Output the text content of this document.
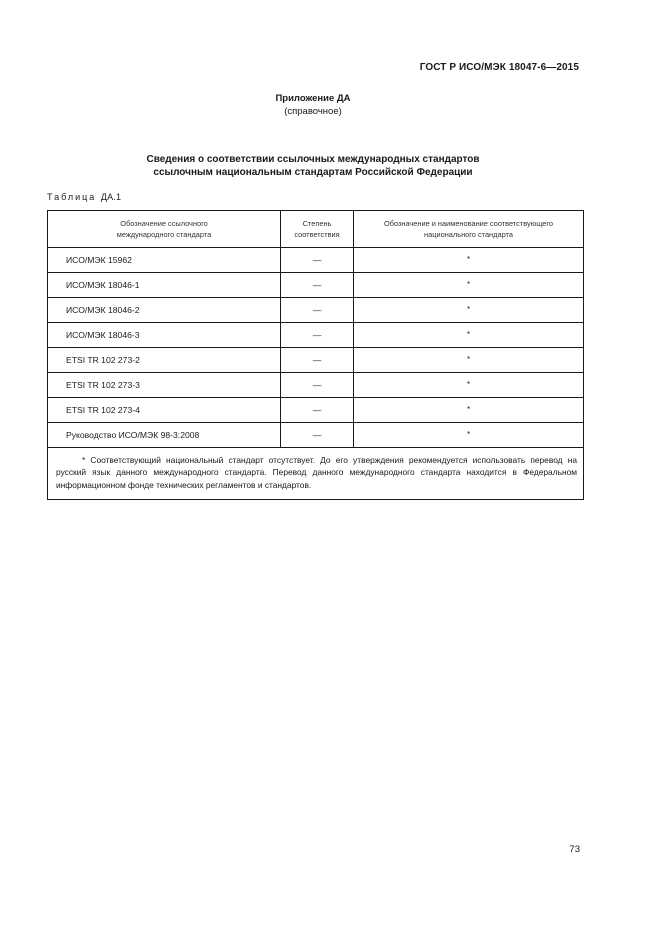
ГОСТ Р ИСО/МЭК 18047-6—2015
Приложение ДА
(справочное)
Сведения о соответствии ссылочных международных стандартов
ссылочным национальным стандартам Российской Федерации
Таблица ДА.1
Обозначение ссылочного международного стандарта	Степень соответствия	Обозначение и наименование соответствующего национального стандарта
ИСО/МЭК 15962	—	*
ИСО/МЭК 18046-1	—	*
ИСО/МЭК 18046-2	—	*
ИСО/МЭК 18046-3	—	*
ETSI TR 102 273-2	—	*
ETSI TR 102 273-3	—	*
ETSI TR 102 273-4	—	*
Руководство ИСО/МЭК 98-3:2008	—	*
* Соответствующий национальный стандарт отсутствует. До его утверждения рекомендуется использовать перевод на русский язык данного международного стандарта. Перевод данного международного стандарта находится в Федеральном информационном фонде технических регламентов и стандартов.		
73
